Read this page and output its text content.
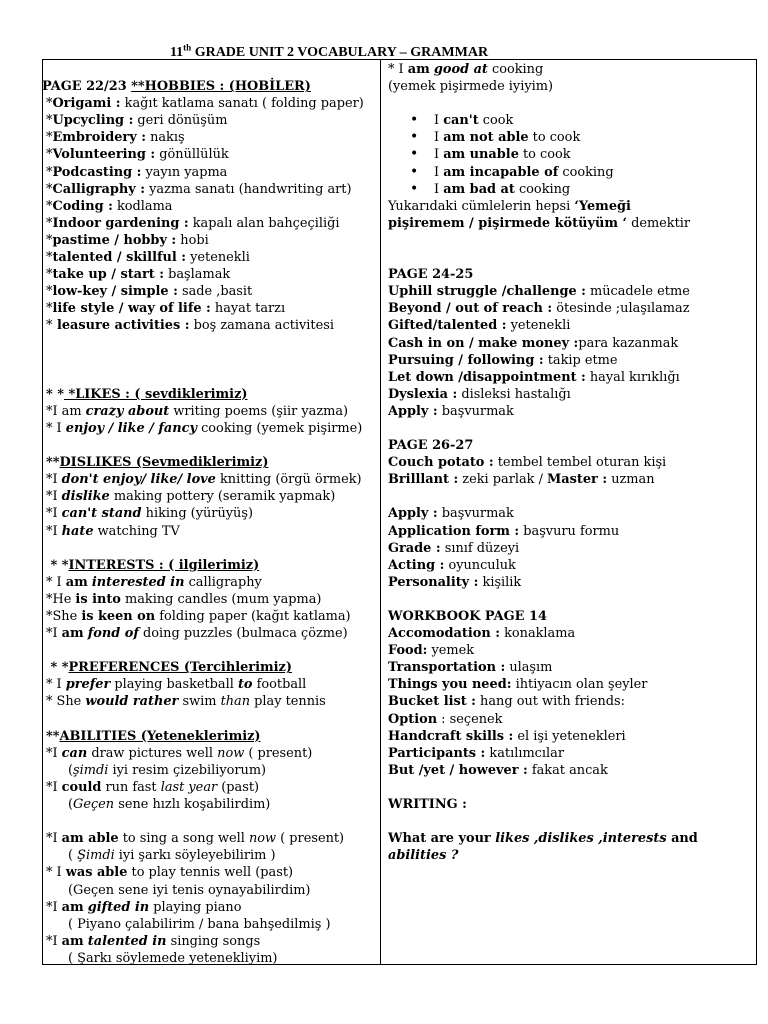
11th GRADE UNIT 2 VOCABULARY – GRAMMAR
PAGE 22/23 **HOBBIES : (HOBİLER)
*Origami : kağıt katlama sanatı ( folding paper)
*Upcycling : geri dönüşüm
*Embroidery : nakış
*Volunteering : gönüllülük
*Podcasting : yayın yapma
*Calligraphy : yazma sanatı (handwriting art)
*Coding : kodlama
*Indoor gardening : kapalı alan bahçeçiliği
*pastime / hobby : hobi
*talented / skillful : yetenekli
*take up / start : başlamak
*low-key / simple : sade ,basit
*life style / way of life : hayat tarzı
* leasure activities : boş zamana activitesi
* * *LIKES : ( sevdiklerimiz)
*I am crazy about writing poems (şiir yazma)
* I enjoy / like / fancy cooking (yemek pişirme)
**DISLIKES (Sevmediklerimiz)
*I don't enjoy/ like/ love knitting (örgü örmek)
*I dislike making pottery (seramik yapmak)
*I can't stand hiking (yürüyüş)
*I hate watching TV
* *INTERESTS : ( ilgilerimiz)
* I am interested in calligraphy
*He is into making candles (mum yapma)
*She is keen on folding paper (kağıt katlama)
*I am fond of doing puzzles (bulmaca çözme)
* *PREFERENCES (Tercihlerimiz)
* I prefer playing basketball to football
* She would rather swim than play tennis
**ABILITIES (Yeteneklerimiz)
*I can draw pictures well now ( present)
(şimdi iyi resim çizebiliyorum)
*I could run fast last year (past)
(Geçen sene hızlı koşabilirdim)
*I am able to sing a song well now ( present)
( Şimdi iyi şarkı söyleyebilirim )
* I was able to play tennis well (past)
(Geçen sene iyi tenis oynayabilirdim)
*I am gifted in playing piano
( Piyano çalabilirim / bana bahşedilmiş )
*I am talented in singing songs
( Şarkı söylemede yetenekliyim)
* I am good at cooking
(yemek pişirmede iyiyim)
• I can't cook
• I am not able to cook
• I am unable to cook
• I am incapable of cooking
• I am bad at cooking
Yukarıdaki cümlelerin hepsi ‘Yemeği
pişiremem / pişirmede kötüyüm ‘ demektir
PAGE 24-25
Uphill struggle /challenge : mücadele etme
Beyond / out of reach : ötesinde ;ulaşılamaz
Gifted/talented : yetenekli
Cash in on / make money :para kazanmak
Pursuing / following : takip etme
Let down /disappointment : hayal kırıklığı
Dyslexia : disleksi hastalığı
Apply : başvurmak
PAGE 26-27
Couch potato : tembel tembel oturan kişi
Brilllant : zeki parlak / Master : uzman
Apply : başvurmak
Application form : başvuru formu
Grade : sınıf düzeyi
Acting : oyunculuk
Personality : kişilik
WORKBOOK PAGE 14
Accomodation : konaklama
Food: yemek
Transportation : ulaşım
Things you need: ihtiyacın olan şeyler
Bucket list : hang out with friends:
Option : seçenek
Handcraft skills : el işi yetenekleri
Participants : katılımcılar
But /yet / however : fakat ancak
WRITING :
What are your likes ,dislikes ,interests and
abilities ?
